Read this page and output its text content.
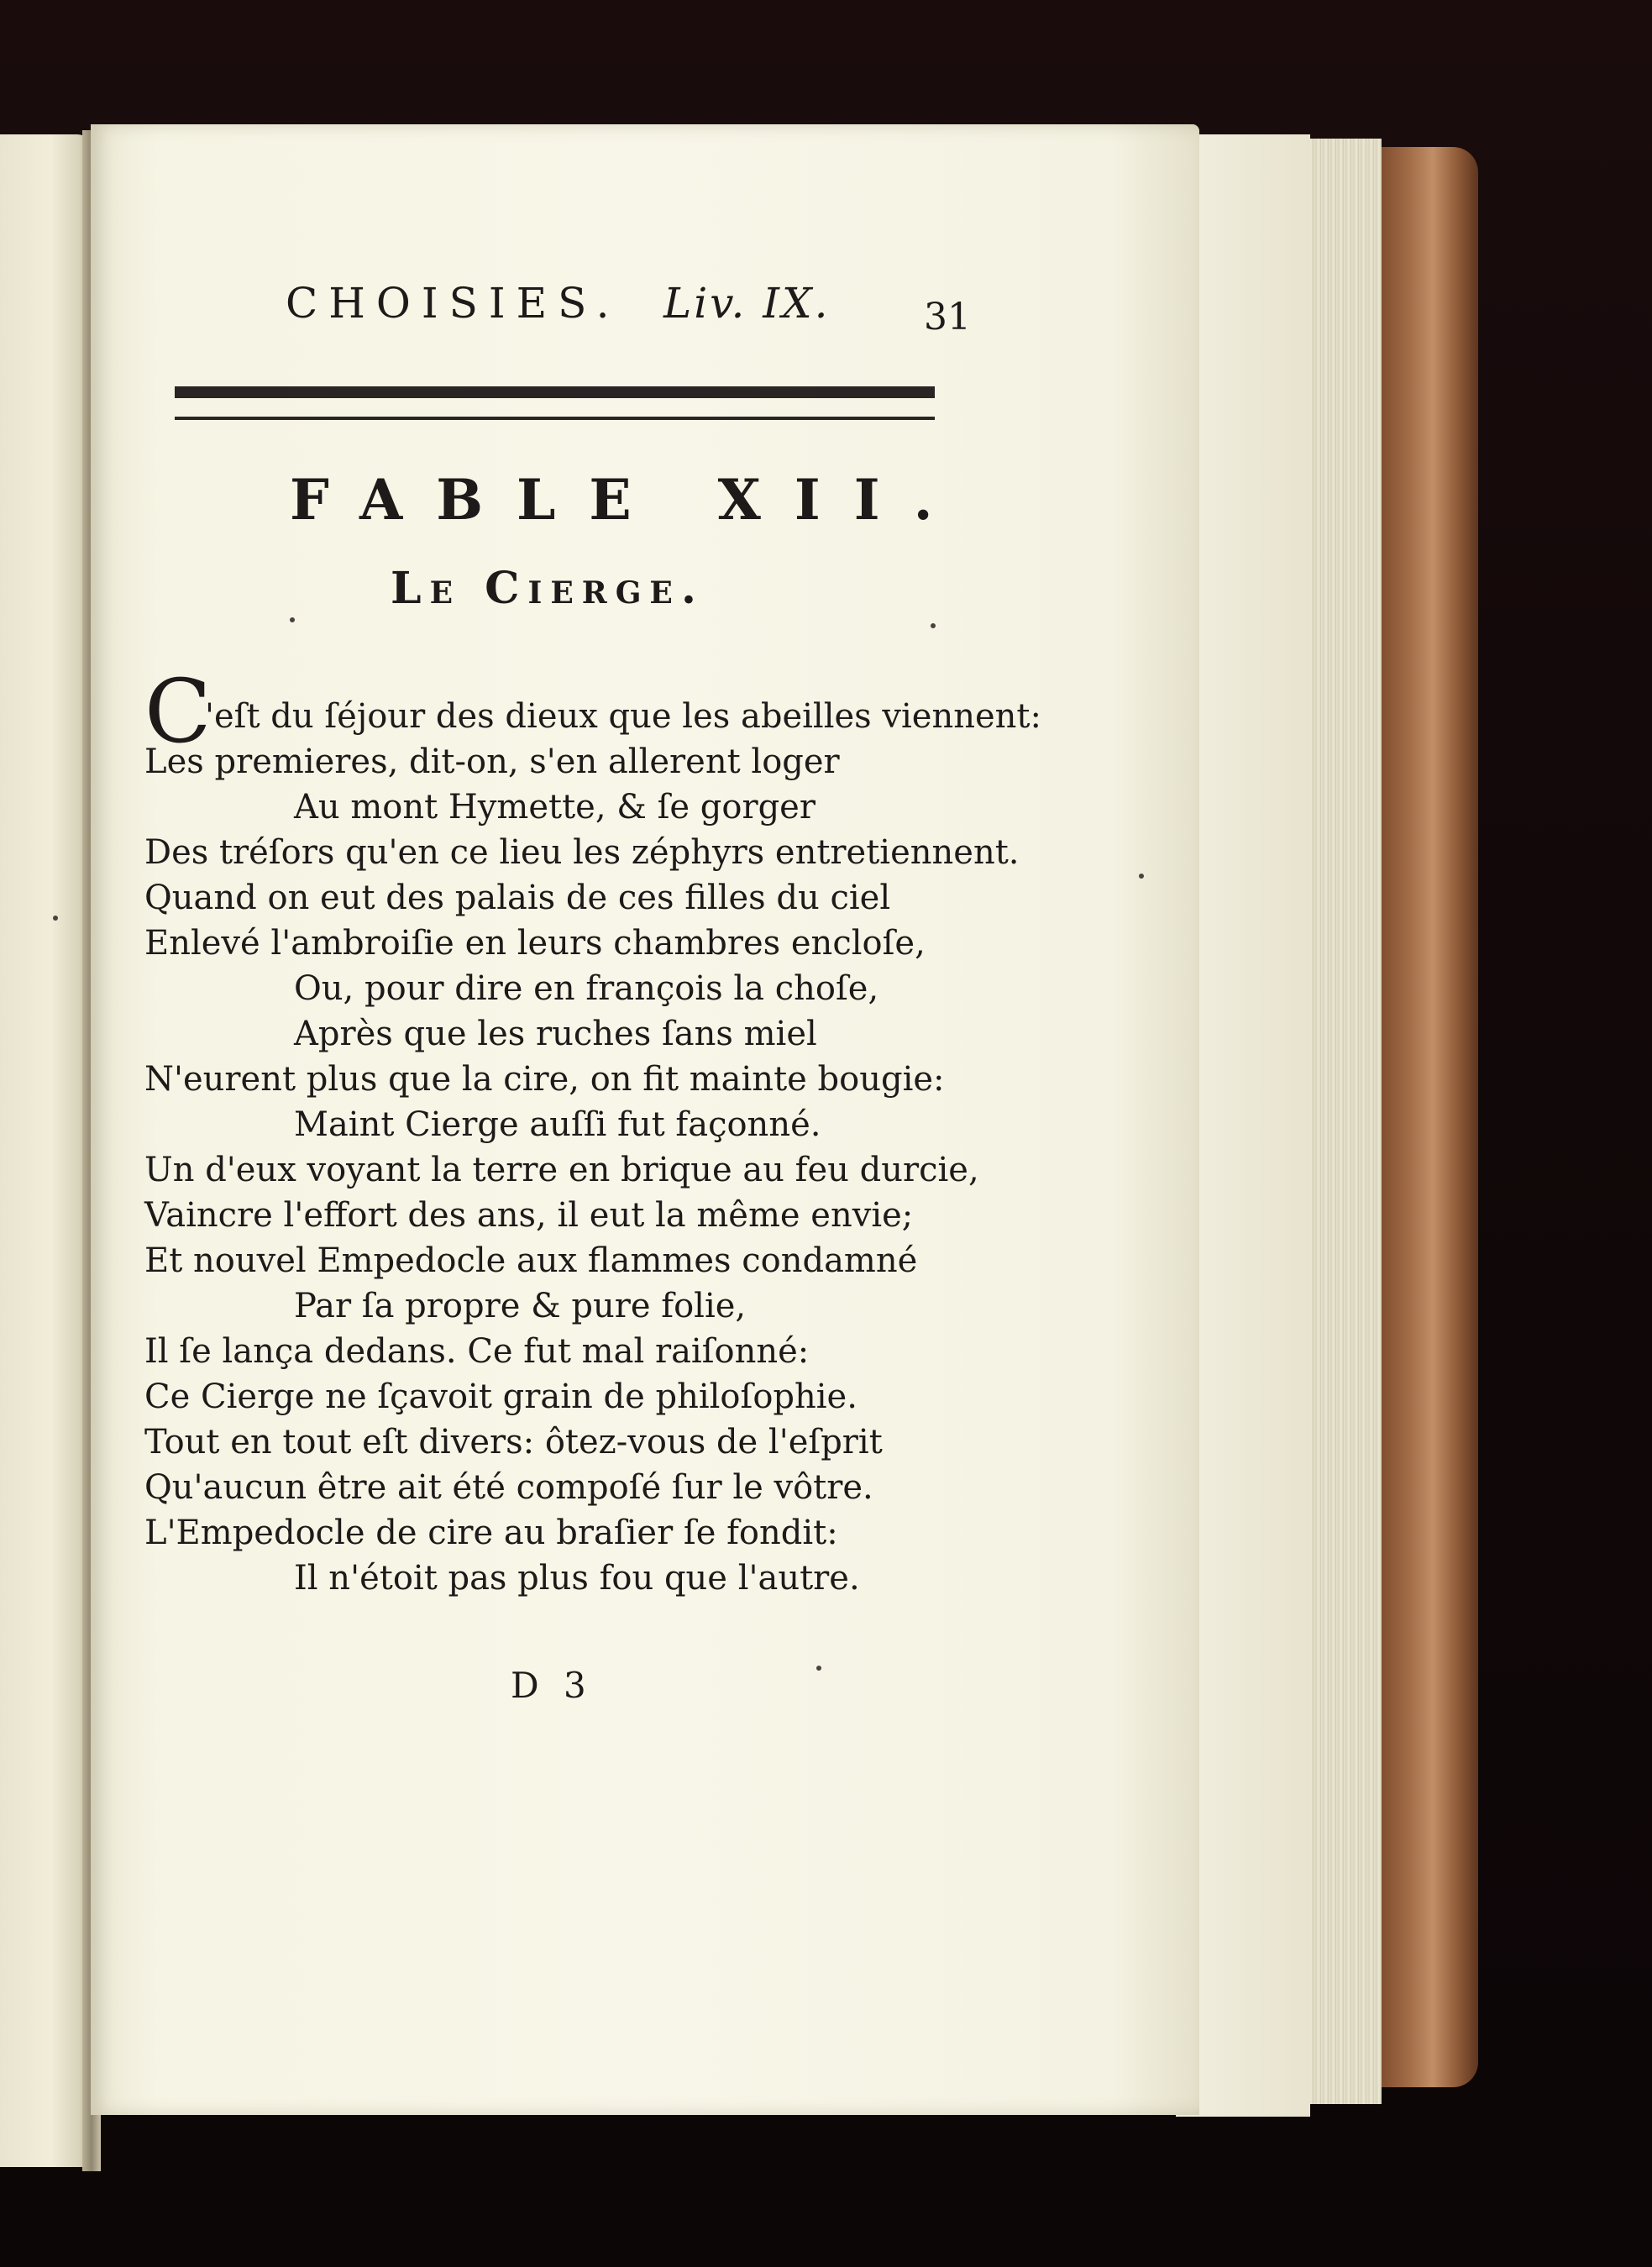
CHOISIES. Liv. IX.	31
FABLE XII.
Le Cierge.
C
'eſt du ſéjour des dieux que les abeilles viennent:
Les premieres, dit-on, s'en allerent loger
Au mont Hymette, & ſe gorger
Des tréſors qu'en ce lieu les zéphyrs entretiennent.
Quand on eut des palais de ces filles du ciel
Enlevé l'ambroiſie en leurs chambres encloſe,
Ou, pour dire en françois la choſe,
Après que les ruches ſans miel
N'eurent plus que la cire, on fit mainte bougie:
Maint Cierge auſſi fut façonné.
Un d'eux voyant la terre en brique au feu durcie,
Vaincre l'effort des ans, il eut la même envie;
Et nouvel Empedocle aux flammes condamné
Par ſa propre & pure folie,
Il ſe lança dedans. Ce fut mal raiſonné:
Ce Cierge ne ſçavoit grain de philoſophie.
Tout en tout eſt divers: ôtez-vous de l'eſprit
Qu'aucun être ait été compoſé ſur le vôtre.
L'Empedocle de cire au braſier ſe fondit:
Il n'étoit pas plus fou que l'autre.
D 3
